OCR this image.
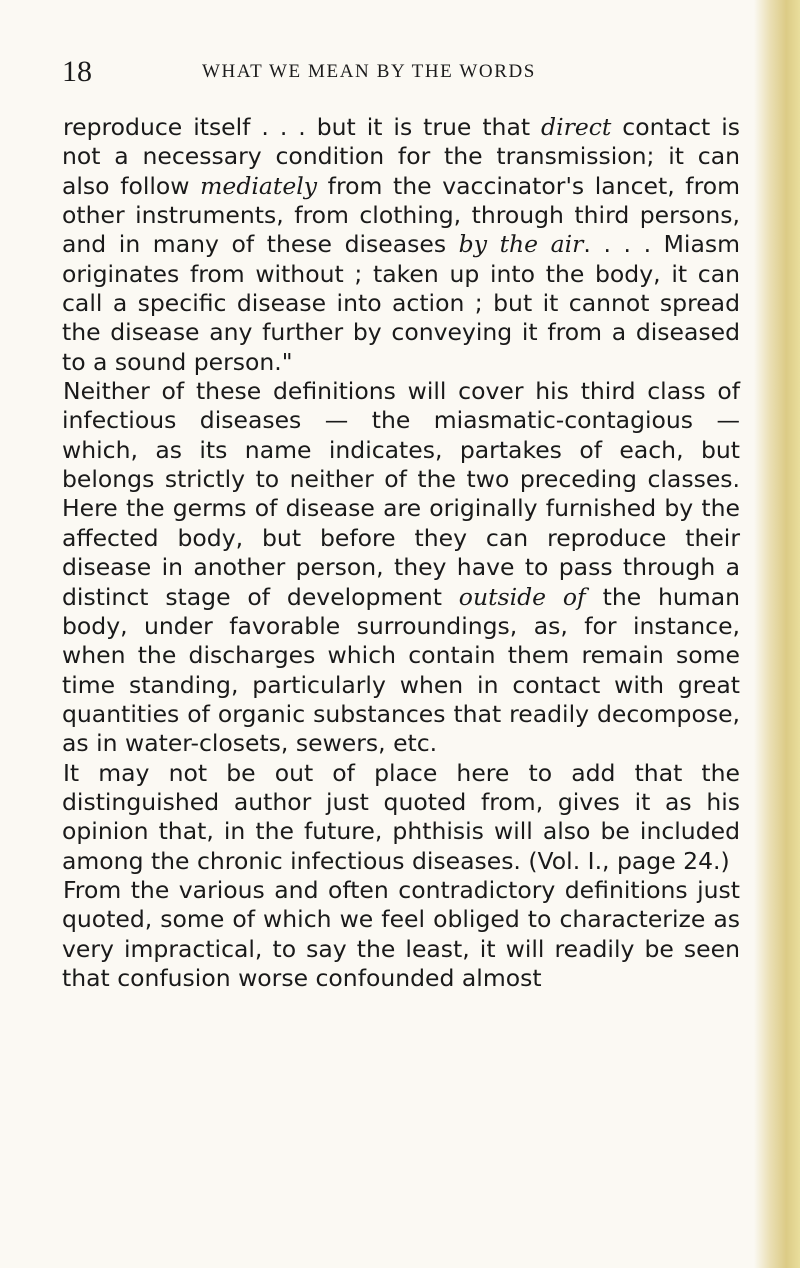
18	WHAT WE MEAN BY THE WORDS

reproduce itself . . . but it is true that direct contact is not a necessary condition for the transmission; it can also follow mediately from the vaccinator's lancet, from other instruments, from clothing, through third persons, and in many of these diseases by the air. . . . Miasm originates from without ; taken up into the body, it can call a specific disease into action ; but it cannot spread the disease any further by conveying it from a diseased to a sound person."

Neither of these definitions will cover his third class of infectious diseases — the miasmatic-contagious — which, as its name indicates, partakes of each, but belongs strictly to neither of the two preceding classes. Here the germs of disease are originally furnished by the affected body, but before they can reproduce their disease in another person, they have to pass through a distinct stage of development outside of the human body, under favorable surroundings, as, for instance, when the discharges which contain them remain some time standing, particularly when in contact with great quantities of organic substances that readily decompose, as in water-closets, sewers, etc.

It may not be out of place here to add that the distinguished author just quoted from, gives it as his opinion that, in the future, phthisis will also be included among the chronic infectious diseases. (Vol. I., page 24.)

From the various and often contradictory definitions just quoted, some of which we feel obliged to characterize as very impractical, to say the least, it will readily be seen that confusion worse confounded almost
